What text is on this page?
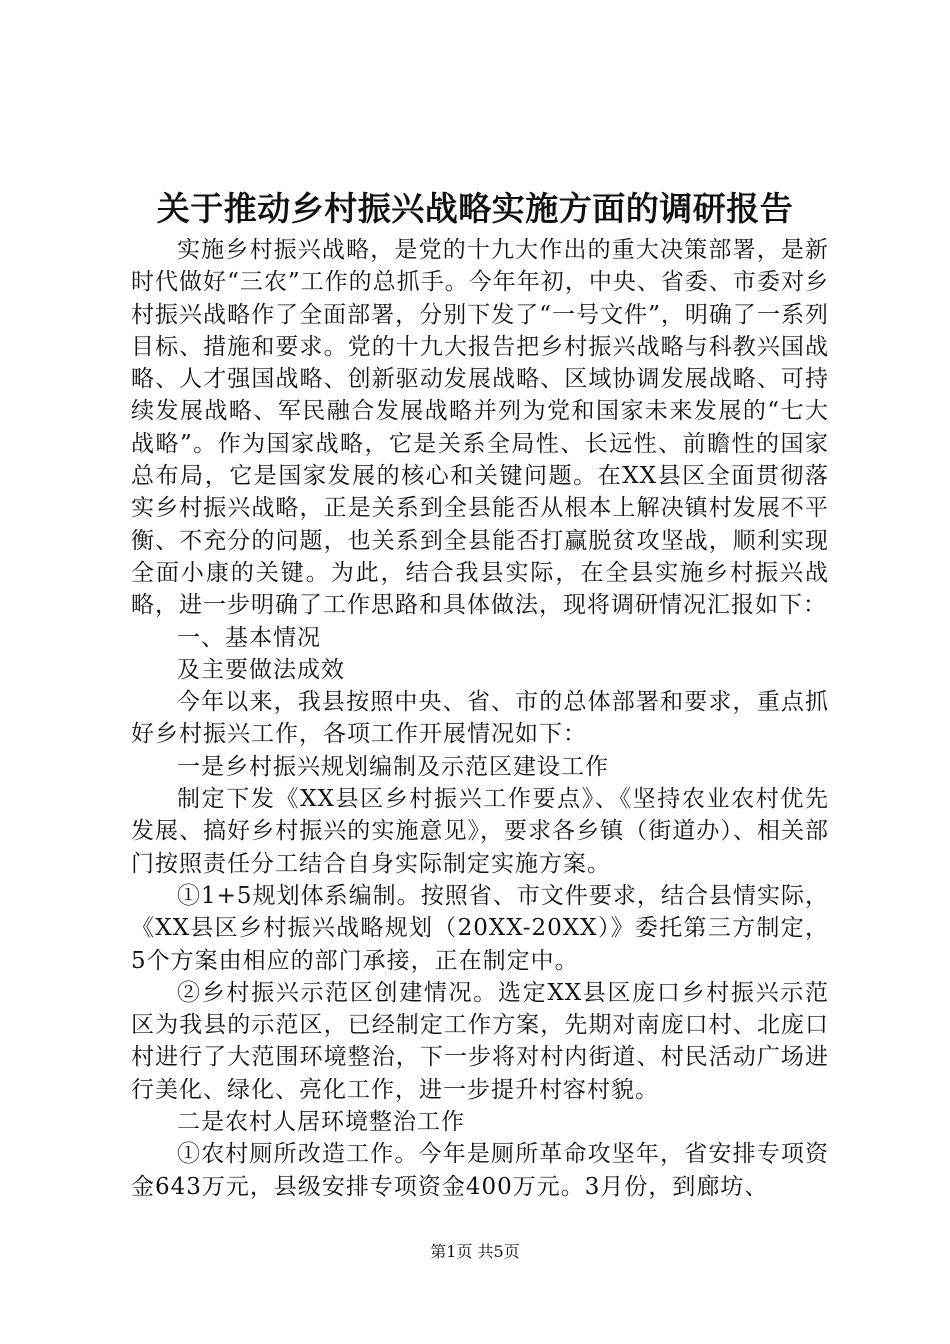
关于推动乡村振兴战略实施方面的调研报告

实施乡村振兴战略，是党的十九大作出的重大决策部署，是新时代做好“三农”工作的总抓手。今年年初，中央、省委、市委对乡村振兴战略作了全面部署，分别下发了“一号文件”，明确了一系列目标、措施和要求。党的十九大报告把乡村振兴战略与科教兴国战略、人才强国战略、创新驱动发展战略、区域协调发展战略、可持续发展战略、军民融合发展战略并列为党和国家未来发展的“七大战略”。作为国家战略，它是关系全局性、长远性、前瞻性的国家总布局，它是国家发展的核心和关键问题。在XX县区全面贯彻落实乡村振兴战略，正是关系到全县能否从根本上解决镇村发展不平衡、不充分的问题，也关系到全县能否打赢脱贫攻坚战，顺利实现全面小康的关键。为此，结合我县实际，在全县实施乡村振兴战略，进一步明确了工作思路和具体做法，现将调研情况汇报如下：

一、基本情况

及主要做法成效

今年以来，我县按照中央、省、市的总体部署和要求，重点抓好乡村振兴工作，各项工作开展情况如下：

一是乡村振兴规划编制及示范区建设工作

制定下发《XX县区乡村振兴工作要点》、《坚持农业农村优先发展、搞好乡村振兴的实施意见》，要求各乡镇（街道办）、相关部门按照责任分工结合自身实际制定实施方案。

①1+5规划体系编制。按照省、市文件要求，结合县情实际，《XX县区乡村振兴战略规划（20XX-20XX）》委托第三方制定，5个方案由相应的部门承接，正在制定中。

②乡村振兴示范区创建情况。选定XX县区庞口乡村振兴示范区为我县的示范区，已经制定工作方案，先期对南庞口村、北庞口村进行了大范围环境整治，下一步将对村内街道、村民活动广场进行美化、绿化、亮化工作，进一步提升村容村貌。

二是农村人居环境整治工作

①农村厕所改造工作。今年是厕所革命攻坚年，省安排专项资金643万元，县级安排专项资金400万元。3月份，到廊坊、

第1页 共5页
